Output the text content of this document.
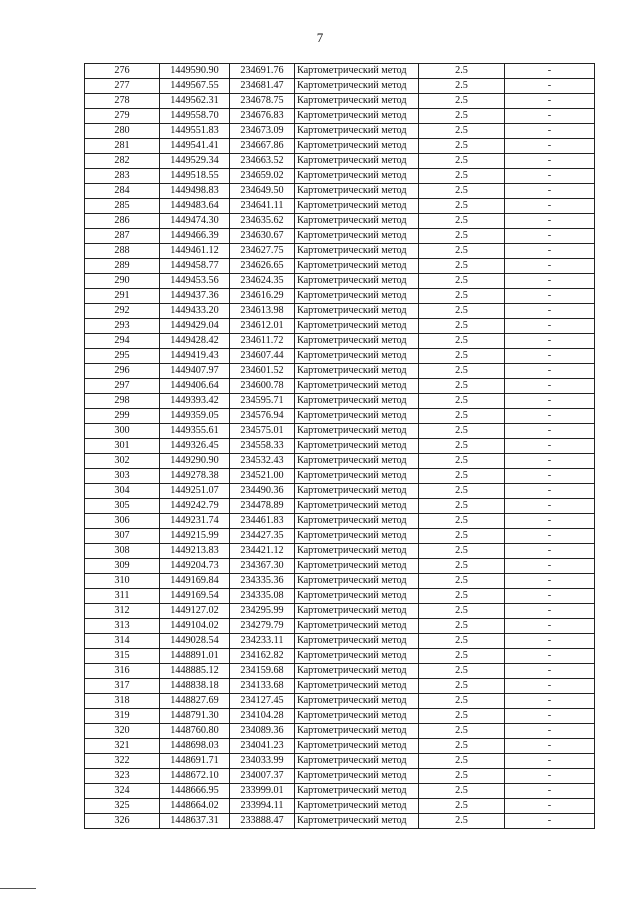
7
276	1449590.90	234691.76	Картометрический метод	2.5	-
277	1449567.55	234681.47	Картометрический метод	2.5	-
278	1449562.31	234678.75	Картометрический метод	2.5	-
279	1449558.70	234676.83	Картометрический метод	2.5	-
280	1449551.83	234673.09	Картометрический метод	2.5	-
281	1449541.41	234667.86	Картометрический метод	2.5	-
282	1449529.34	234663.52	Картометрический метод	2.5	-
283	1449518.55	234659.02	Картометрический метод	2.5	-
284	1449498.83	234649.50	Картометрический метод	2.5	-
285	1449483.64	234641.11	Картометрический метод	2.5	-
286	1449474.30	234635.62	Картометрический метод	2.5	-
287	1449466.39	234630.67	Картометрический метод	2.5	-
288	1449461.12	234627.75	Картометрический метод	2.5	-
289	1449458.77	234626.65	Картометрический метод	2.5	-
290	1449453.56	234624.35	Картометрический метод	2.5	-
291	1449437.36	234616.29	Картометрический метод	2.5	-
292	1449433.20	234613.98	Картометрический метод	2.5	-
293	1449429.04	234612.01	Картометрический метод	2.5	-
294	1449428.42	234611.72	Картометрический метод	2.5	-
295	1449419.43	234607.44	Картометрический метод	2.5	-
296	1449407.97	234601.52	Картометрический метод	2.5	-
297	1449406.64	234600.78	Картометрический метод	2.5	-
298	1449393.42	234595.71	Картометрический метод	2.5	-
299	1449359.05	234576.94	Картометрический метод	2.5	-
300	1449355.61	234575.01	Картометрический метод	2.5	-
301	1449326.45	234558.33	Картометрический метод	2.5	-
302	1449290.90	234532.43	Картометрический метод	2.5	-
303	1449278.38	234521.00	Картометрический метод	2.5	-
304	1449251.07	234490.36	Картометрический метод	2.5	-
305	1449242.79	234478.89	Картометрический метод	2.5	-
306	1449231.74	234461.83	Картометрический метод	2.5	-
307	1449215.99	234427.35	Картометрический метод	2.5	-
308	1449213.83	234421.12	Картометрический метод	2.5	-
309	1449204.73	234367.30	Картометрический метод	2.5	-
310	1449169.84	234335.36	Картометрический метод	2.5	-
311	1449169.54	234335.08	Картометрический метод	2.5	-
312	1449127.02	234295.99	Картометрический метод	2.5	-
313	1449104.02	234279.79	Картометрический метод	2.5	-
314	1449028.54	234233.11	Картометрический метод	2.5	-
315	1448891.01	234162.82	Картометрический метод	2.5	-
316	1448885.12	234159.68	Картометрический метод	2.5	-
317	1448838.18	234133.68	Картометрический метод	2.5	-
318	1448827.69	234127.45	Картометрический метод	2.5	-
319	1448791.30	234104.28	Картометрический метод	2.5	-
320	1448760.80	234089.36	Картометрический метод	2.5	-
321	1448698.03	234041.23	Картометрический метод	2.5	-
322	1448691.71	234033.99	Картометрический метод	2.5	-
323	1448672.10	234007.37	Картометрический метод	2.5	-
324	1448666.95	233999.01	Картометрический метод	2.5	-
325	1448664.02	233994.11	Картометрический метод	2.5	-
326	1448637.31	233888.47	Картометрический метод	2.5	-
